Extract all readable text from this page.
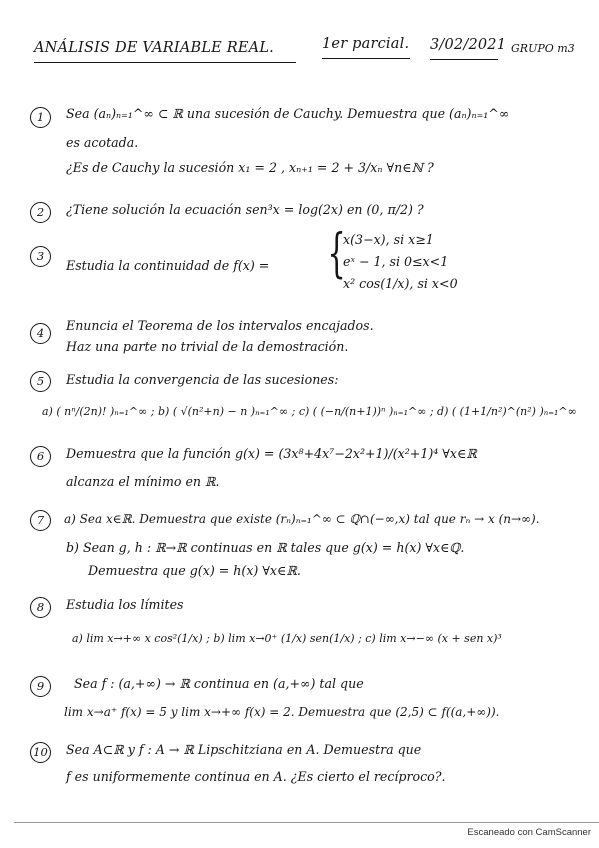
ANÁLISIS DE VARIABLE REAL.	1er parcial. 3/02/2021 GRUPO m3
1	Sea (aₙ)ₙ₌₁^∞ ⊂ ℝ una sucesión de Cauchy. Demuestra que (aₙ)ₙ₌₁^∞
es acotada.
¿Es de Cauchy la sucesión x₁ = 2 , xₙ₊₁ = 2 + 3/xₙ ∀n∈ℕ ?
2	¿Tiene solución la ecuación sen³x = log(2x) en (0, π/2) ?
3
Estudia la continuidad de f(x) = {
x(3−x), si x≥1
eˣ − 1, si 0≤x<1
x² cos(1/x), si x<0
4	Enuncia el Teorema de los intervalos encajados.
Haz una parte no trivial de la demostración.
5	Estudia la convergencia de las sucesiones:
a) ( nⁿ/(2n)! )ₙ₌₁^∞ ; b) ( √(n²+n) − n )ₙ₌₁^∞ ; c) ( (−n/(n+1))ⁿ )ₙ₌₁^∞ ; d) ( (1+1/n²)^(n²) )ₙ₌₁^∞
6	Demuestra que la función g(x) = (3x⁸+4x⁷−2x²+1)/(x²+1)⁴ ∀x∈ℝ
alcanza el mínimo en ℝ.
7	a) Sea x∈ℝ. Demuestra que existe (rₙ)ₙ₌₁^∞ ⊂ ℚ∩(−∞,x) tal que rₙ → x (n→∞).
b) Sean g, h : ℝ→ℝ continuas en ℝ tales que g(x) = h(x) ∀x∈ℚ.
Demuestra que g(x) = h(x) ∀x∈ℝ.
8	Estudia los límites
a) lim x→+∞ x cos²(1/x) ; b) lim x→0⁺ (1/x) sen(1/x) ; c) lim x→−∞ (x + sen x)³
9	Sea f : (a,+∞) → ℝ continua en (a,+∞) tal que
lim x→a⁺ f(x) = 5 y lim x→+∞ f(x) = 2. Demuestra que (2,5) ⊂ f((a,+∞)).
10 Sea A⊂ℝ y f : A → ℝ Lipschitziana en A. Demuestra que
f es uniformemente continua en A. ¿Es cierto el recíproco?.
Escaneado con CamScanner
